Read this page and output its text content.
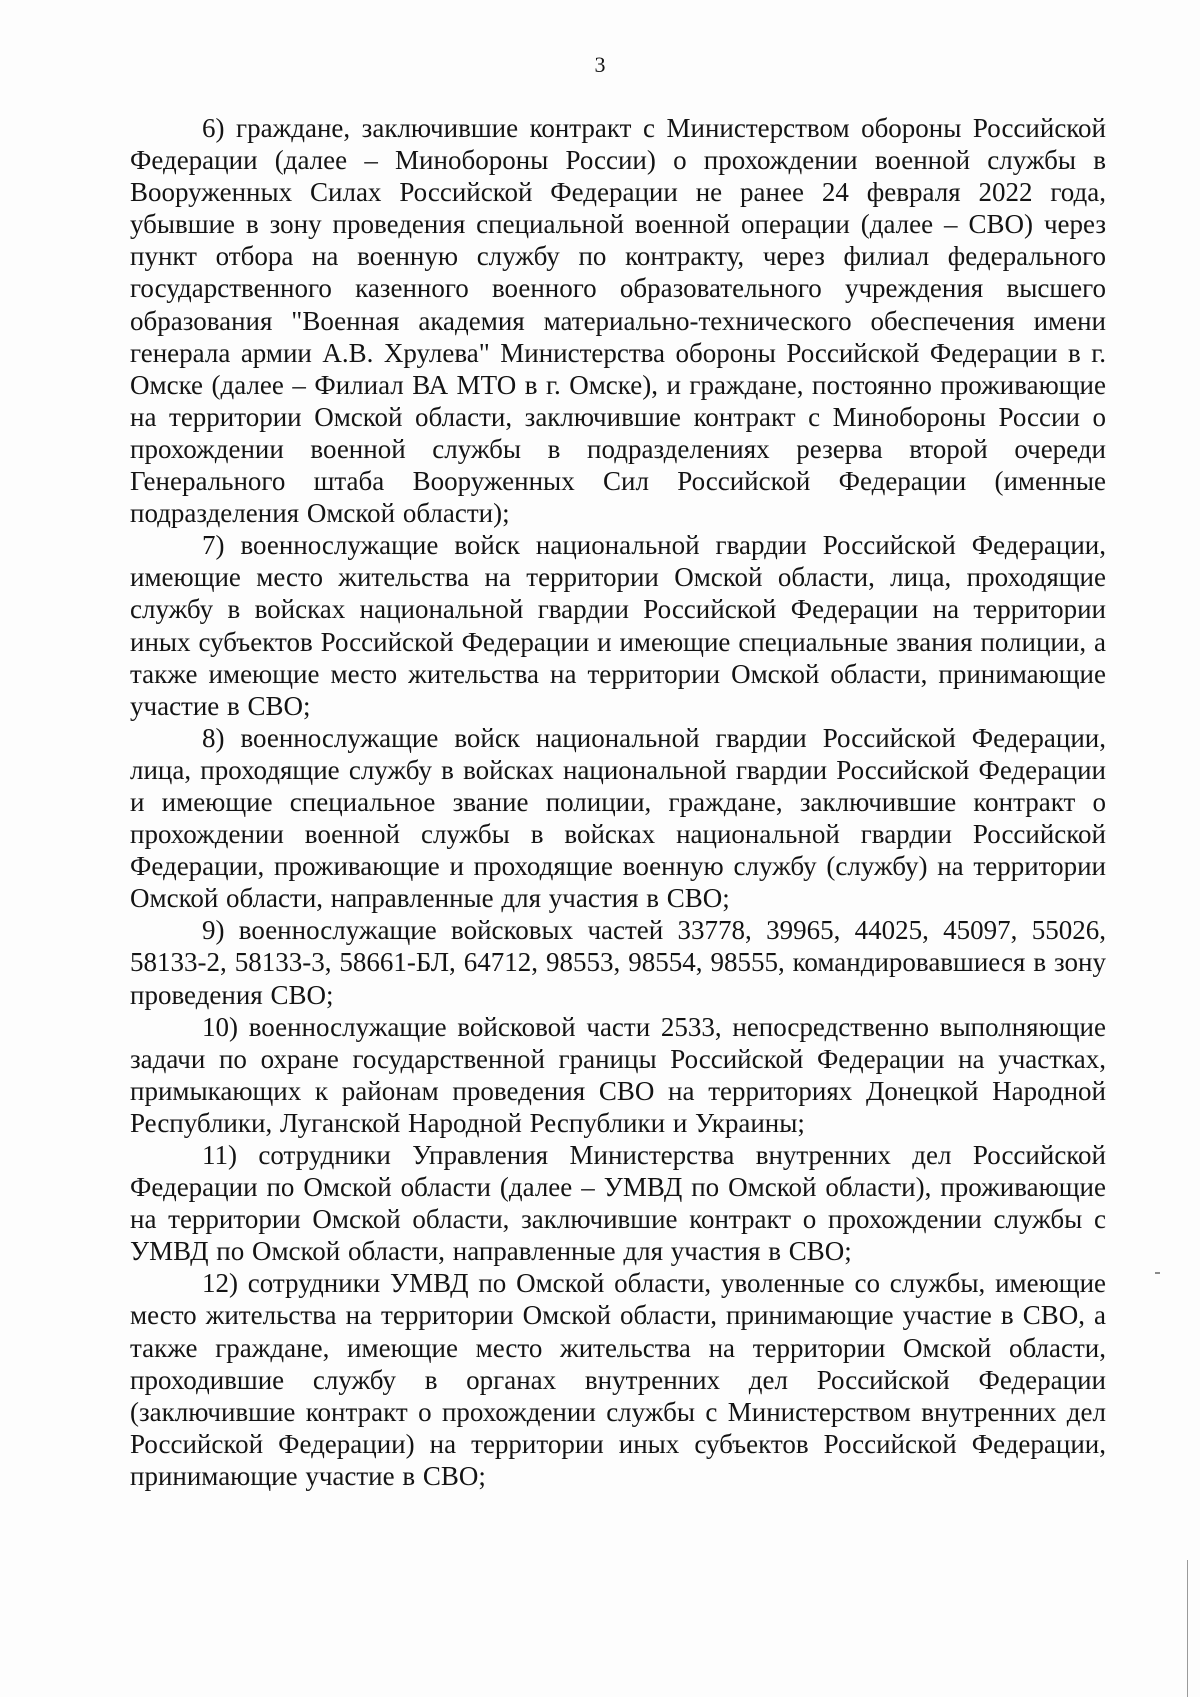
3

6) граждане, заключившие контракт с Министерством обороны Российской Федерации (далее – Минобороны России) о прохождении военной службы в Вооруженных Силах Российской Федерации не ранее 24 февраля 2022 года, убывшие в зону проведения специальной военной операции (далее – СВО) через пункт отбора на военную службу по контракту, через филиал федерального государственного казенного военного образовательного учреждения высшего образования "Военная академия материально-технического обеспечения имени генерала армии А.В. Хрулева" Министерства обороны Российской Федерации в г. Омске (далее – Филиал ВА МТО в г. Омске), и граждане, постоянно проживающие на территории Омской области, заключившие контракт с Минобороны России о прохождении военной службы в подразделениях резерва второй очереди Генерального штаба Вооруженных Сил Российской Федерации (именные подразделения Омской области);

7) военнослужащие войск национальной гвардии Российской Федерации, имеющие место жительства на территории Омской области, лица, проходящие службу в войсках национальной гвардии Российской Федерации на территории иных субъектов Российской Федерации и имеющие специальные звания полиции, а также имеющие место жительства на территории Омской области, принимающие участие в СВО;

8) военнослужащие войск национальной гвардии Российской Федерации, лица, проходящие службу в войсках национальной гвардии Российской Федерации и имеющие специальное звание полиции, граждане, заключившие контракт о прохождении военной службы в войсках национальной гвардии Российской Федерации, проживающие и проходящие военную службу (службу) на территории Омской области, направленные для участия в СВО;

9) военнослужащие войсковых частей 33778, 39965, 44025, 45097, 55026, 58133-2, 58133-3, 58661-БЛ, 64712, 98553, 98554, 98555, командировавшиеся в зону проведения СВО;

10) военнослужащие войсковой части 2533, непосредственно выполняющие задачи по охране государственной границы Российской Федерации на участках, примыкающих к районам проведения СВО на территориях Донецкой Народной Республики, Луганской Народной Республики и Украины;

11) сотрудники Управления Министерства внутренних дел Российской Федерации по Омской области (далее – УМВД по Омской области), проживающие на территории Омской области, заключившие контракт о прохождении службы с УМВД по Омской области, направленные для участия в СВО;

12) сотрудники УМВД по Омской области, уволенные со службы, имеющие место жительства на территории Омской области, принимающие участие в СВО, а также граждане, имеющие место жительства на территории Омской области, проходившие службу в органах внутренних дел Российской Федерации (заключившие контракт о прохождении службы с Министерством внутренних дел Российской Федерации) на территории иных субъектов Российской Федерации, принимающие участие в СВО;
